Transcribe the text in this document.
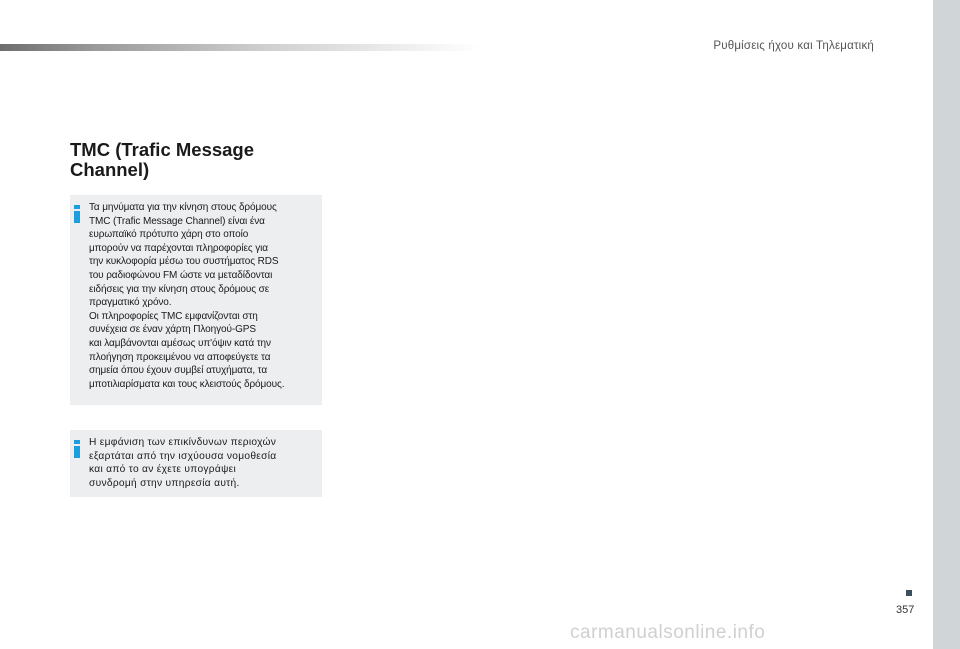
Ρυθμίσεις ήχου και Τηλεματική
TMC (Trafic Message
Channel)

Τα μηνύματα για την κίνηση στους δρόμους
TMC (Trafic Message Channel) είναι ένα
ευρωπαϊκό πρότυπο χάρη στο οποίο
μπορούν να παρέχονται πληροφορίες για
την κυκλοφορία μέσω του συστήματος RDS
του ραδιοφώνου FM ώστε να μεταδίδονται
ειδήσεις για την κίνηση στους δρόμους σε
πραγματικό χρόνο.
Οι πληροφορίες TMC εμφανίζονται στη
συνέχεια σε έναν χάρτη Πλοηγού-GPS
και λαμβάνονται αμέσως υπ'όψιν κατά την
πλοήγηση προκειμένου να αποφεύγετε τα
σημεία όπου έχουν συμβεί ατυχήματα, τα
μποτιλιαρίσματα και τους κλειστούς δρόμους.

Η εμφάνιση των επικίνδυνων περιοχών
εξαρτάται από την ισχύουσα νομοθεσία
και από το αν έχετε υπογράψει
συνδρομή στην υπηρεσία αυτή.

357
carmanualsonline.info
